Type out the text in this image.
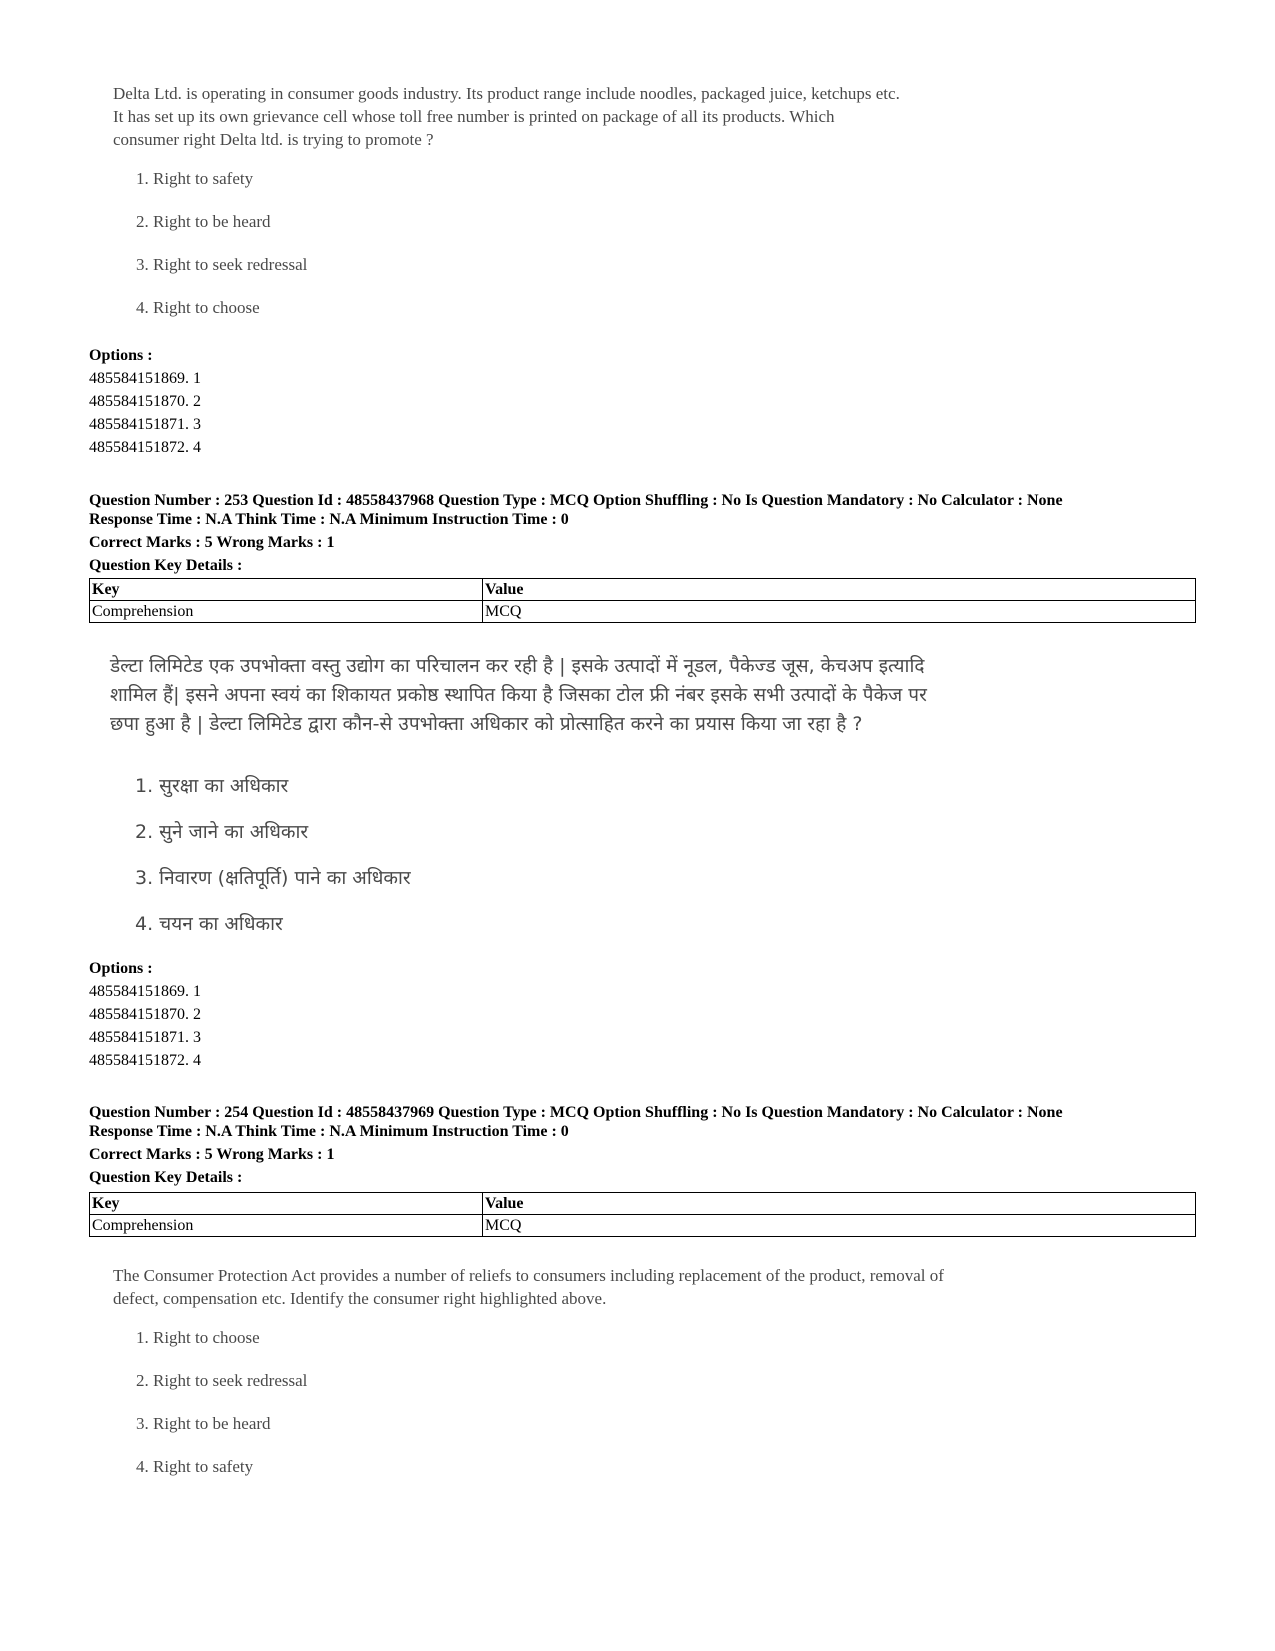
Delta Ltd. is operating in consumer goods industry. Its product range include noodles, packaged juice, ketchups etc. It has set up its own grievance cell whose toll free number is printed on package of all its products. Which consumer right Delta ltd. is trying to promote ?
1. Right to safety
2. Right to be heard
3. Right to seek redressal
4. Right to choose
Options :
485584151869. 1
485584151870. 2
485584151871. 3
485584151872. 4
Question Number : 253 Question Id : 48558437968 Question Type : MCQ Option Shuffling : No Is Question Mandatory : No Calculator : None
Response Time : N.A Think Time : N.A Minimum Instruction Time : 0
Correct Marks : 5 Wrong Marks : 1
Question Key Details :
Key	Value
Comprehension	MCQ
डेल्टा लिमिटेड एक उपभोक्ता वस्तु उद्योग का परिचालन कर रही है | इसके उत्पादों में नूडल, पैकेज्ड जूस, केचअप इत्यादि शामिल हैं| इसने अपना स्वयं का शिकायत प्रकोष्ठ स्थापित किया है जिसका टोल फ्री नंबर इसके सभी उत्पादों के पैकेज पर छपा हुआ है | डेल्टा लिमिटेड द्वारा कौन-से उपभोक्ता अधिकार को प्रोत्साहित करने का प्रयास किया जा रहा है ?
1. सुरक्षा का अधिकार
2. सुने जाने का अधिकार
3. निवारण (क्षतिपूर्ति) पाने का अधिकार
4. चयन का अधिकार
Options :
485584151869. 1
485584151870. 2
485584151871. 3
485584151872. 4
Question Number : 254 Question Id : 48558437969 Question Type : MCQ Option Shuffling : No Is Question Mandatory : No Calculator : None
Response Time : N.A Think Time : N.A Minimum Instruction Time : 0
Correct Marks : 5 Wrong Marks : 1
Question Key Details :
Key	Value
Comprehension	MCQ
The Consumer Protection Act provides a number of reliefs to consumers including replacement of the product, removal of defect, compensation etc. Identify the consumer right highlighted above.
1. Right to choose
2. Right to seek redressal
3. Right to be heard
4. Right to safety
